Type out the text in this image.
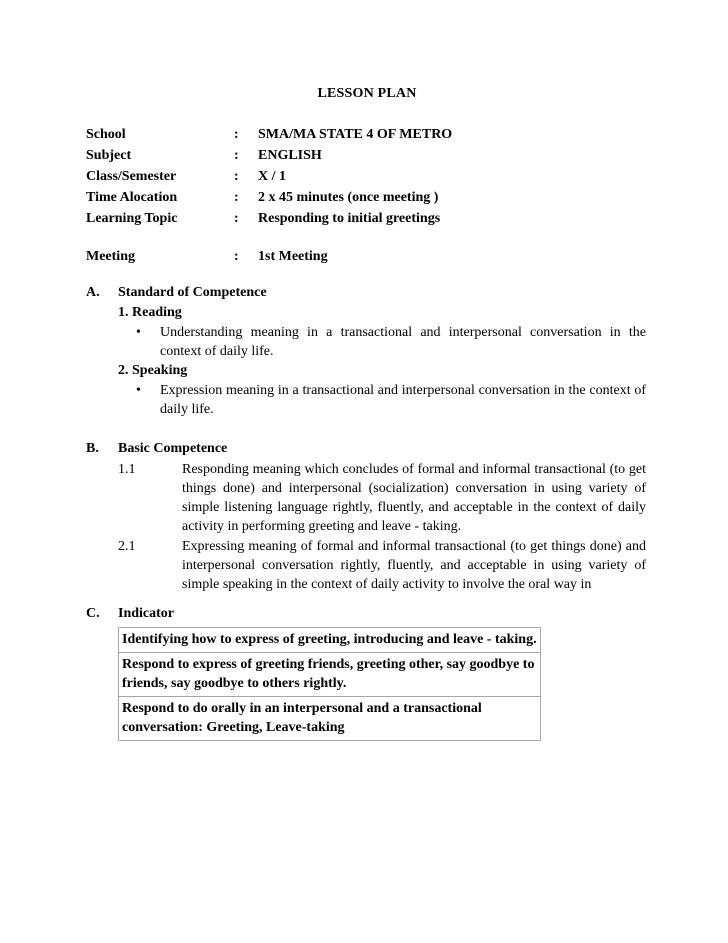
LESSON PLAN
School	:	SMA/MA STATE 4 OF METRO
Subject	:	ENGLISH
Class/Semester	:	X / 1
Time Alocation	:	2 x 45 minutes (once meeting )
Learning Topic	:	Responding to initial greetings
Meeting	:	1st Meeting
A.	Standard of Competence
1. Reading
•	Understanding meaning in a transactional and interpersonal conversation in the context of daily life.
2. Speaking
•	Expression meaning in a transactional and interpersonal conversation in the context of daily life.
B.	Basic Competence
1.1	Responding meaning which concludes of formal and informal transactional (to get things done) and interpersonal (socialization) conversation in using variety of simple listening language rightly, fluently, and acceptable in the context of daily activity in performing greeting and leave - taking.
2.1	Expressing meaning of formal and informal transactional (to get things done) and interpersonal conversation rightly, fluently, and acceptable in using variety of simple speaking in the context of daily activity to involve the oral way in
C.	Indicator
Identifying how to express of greeting, introducing and leave - taking.
Respond to express of greeting friends, greeting other, say goodbye to friends, say goodbye to others rightly.
Respond to do orally in an interpersonal and a transactional conversation: Greeting, Leave-taking
